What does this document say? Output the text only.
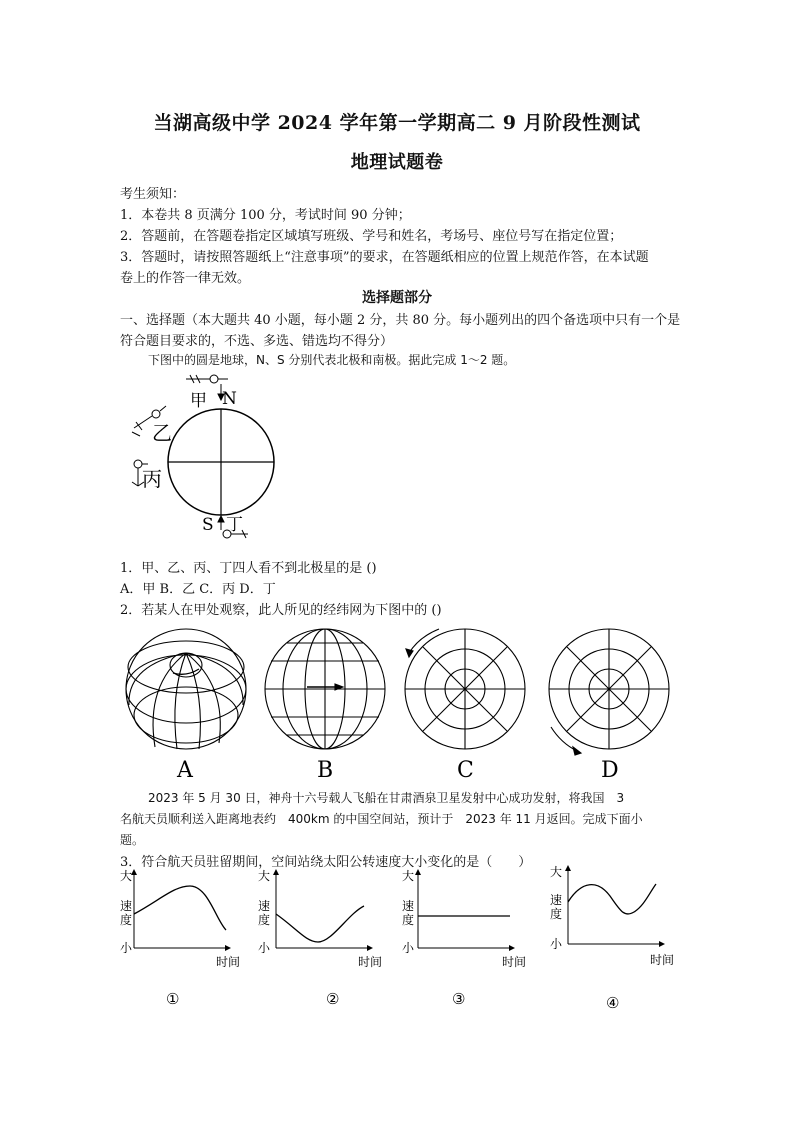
当湖高级中学 2024 学年第一学期高二 9 月阶段性测试
地理试题卷
考生须知：
1．本卷共 8 页满分 100 分，考试时间 90 分钟；
2．答题前，在答题卷指定区域填写班级、学号和姓名，考场号、座位号写在指定位置；
3．答题时，请按照答题纸上“注意事项”的要求，在答题纸相应的位置上规范作答，在本试题
卷上的作答一律无效。
选择题部分
一、选择题（本大题共 40 小题，每小题 2 分，共 80 分。每小题列出的四个备选项中只有一个是
符合题目要求的，不选、多选、错选均不得分）
下图中的圆是地球，N、S 分别代表北极和南极。据此完成 1～2 题。
甲 N
乙
丙
S 丁
1．甲、乙、丙、丁四人看不到北极星的是 ()
A．甲 B．乙 C．丙 D．丁
2．若某人在甲处观察，此人所见的经纬网为下图中的 ()
A	B	C	D
2023 年 5 月 30 日，神舟十六号载人飞船在甘肃酒泉卫星发射中心成功发射，将我国　3
名航天员顺利送入距离地表约　400km 的中国空间站，预计于　2023 年 11 月返回。完成下面小
题。
3．符合航天员驻留期间，空间站绕太阳公转速度大小变化的是（　　）
大
速
度
小
时间
①
大
速
度
小
时间
②
大
速
度
小
时间
③
大
速
度
小
时间
④
